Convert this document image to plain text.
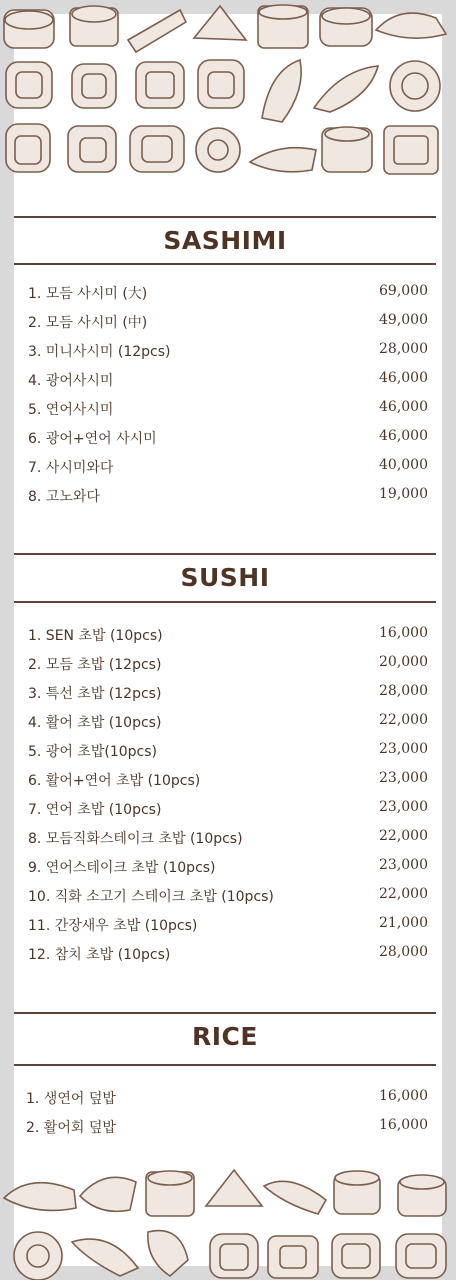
SASHIMI
1. 모듬 사시미 (大)	69,000
2. 모듬 사시미 (中)	49,000
3. 미니사시미 (12pcs)	28,000
4. 광어사시미	46,000
5. 연어사시미	46,000
6. 광어+연어 사시미	46,000
7. 사시미와다	40,000
8. 고노와다	19,000
SUSHI
1. SEN 초밥 (10pcs)	16,000
2. 모듬 초밥 (12pcs)	20,000
3. 특선 초밥 (12pcs)	28,000
4. 활어 초밥 (10pcs)	22,000
5. 광어 초밥(10pcs)	23,000
6. 활어+연어 초밥 (10pcs)	23,000
7. 연어 초밥 (10pcs)	23,000
8. 모듬직화스테이크 초밥 (10pcs)	22,000
9. 연어스테이크 초밥 (10pcs)	23,000
10. 직화 소고기 스테이크 초밥 (10pcs)	22,000
11. 간장새우 초밥 (10pcs)	21,000
12. 참치 초밥 (10pcs)	28,000
RICE
1. 생연어 덮밥	16,000
2. 활어회 덮밥	16,000
